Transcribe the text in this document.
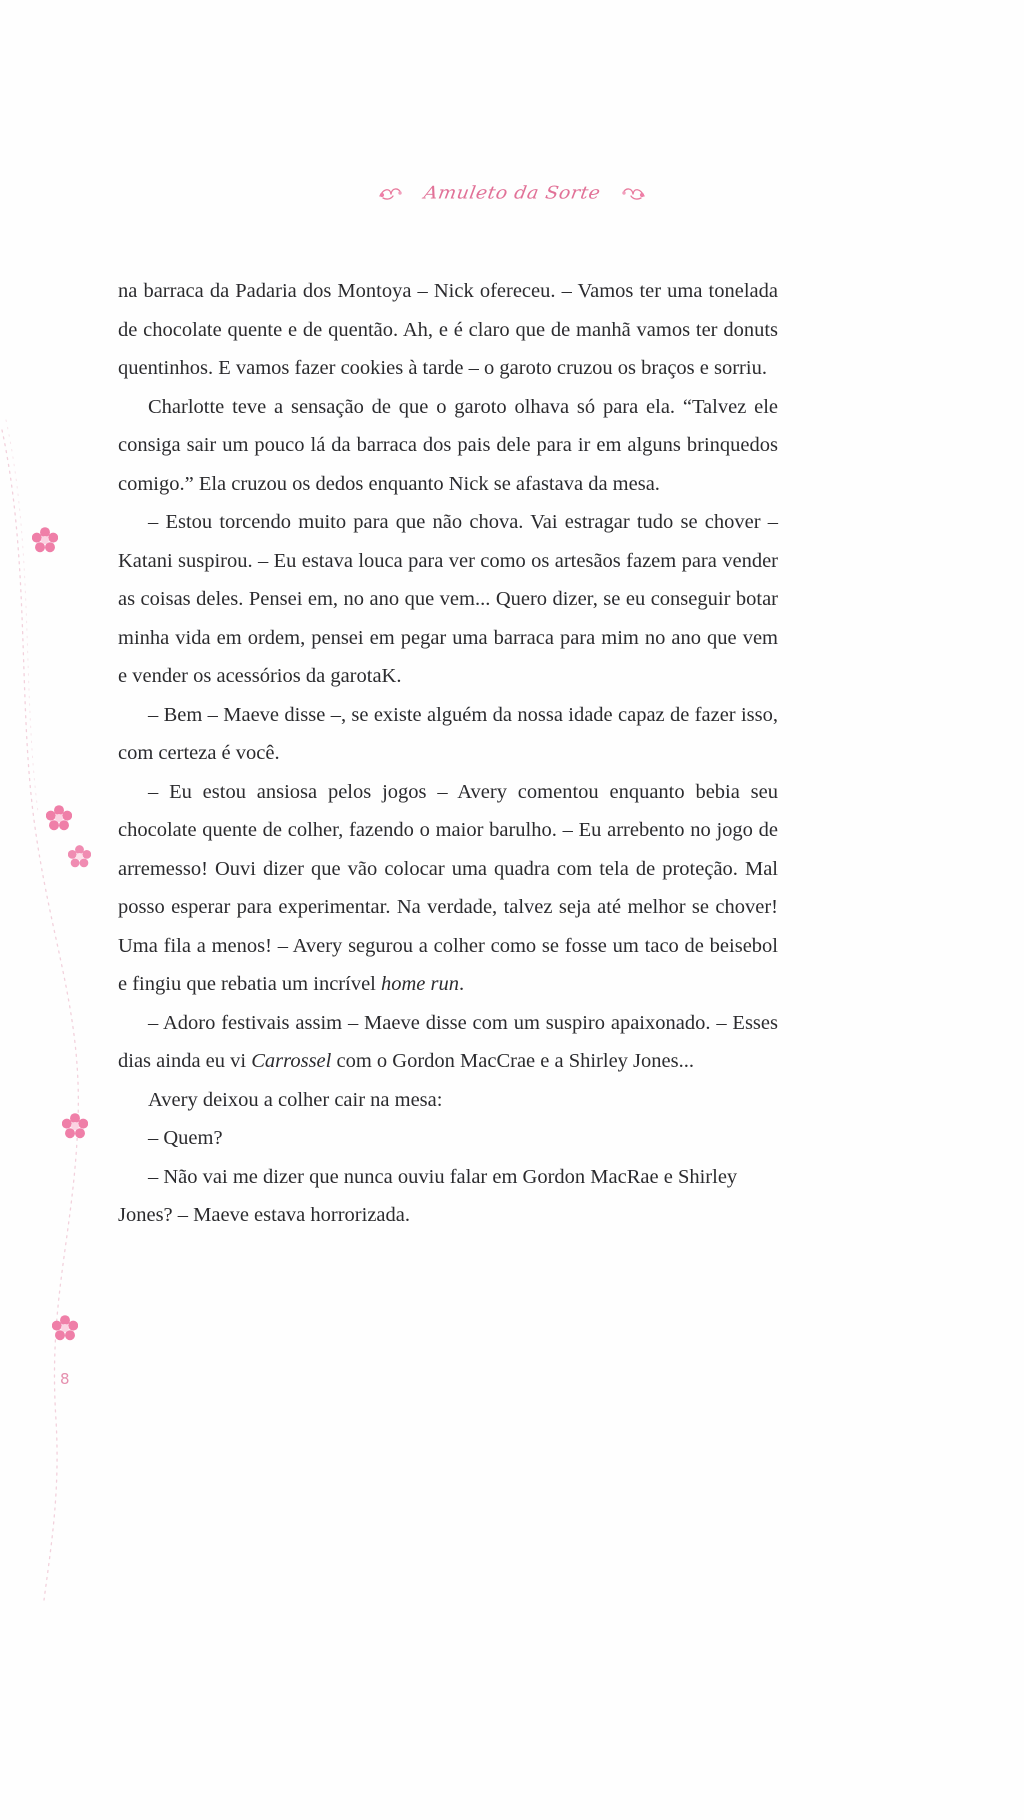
Amuleto da Sorte

na barraca da Padaria dos Montoya – Nick ofereceu. – Vamos ter uma tonelada de chocolate quente e de quentão. Ah, e é claro que de manhã vamos ter donuts quentinhos. E vamos fazer cookies à tarde – o garoto cruzou os braços e sorriu.

Charlotte teve a sensação de que o garoto olhava só para ela. “Talvez ele consiga sair um pouco lá da barraca dos pais dele para ir em alguns brinquedos comigo.” Ela cruzou os dedos enquanto Nick se afastava da mesa.

– Estou torcendo muito para que não chova. Vai estragar tudo se chover – Katani suspirou. – Eu estava louca para ver como os artesãos fazem para vender as coisas deles. Pensei em, no ano que vem... Quero dizer, se eu conseguir botar minha vida em ordem, pensei em pegar uma barraca para mim no ano que vem e vender os acessórios da garotaK.

– Bem – Maeve disse –, se existe alguém da nossa idade capaz de fazer isso, com certeza é você.

– Eu estou ansiosa pelos jogos – Avery comentou enquanto bebia seu chocolate quente de colher, fazendo o maior barulho. – Eu arrebento no jogo de arremesso! Ouvi dizer que vão colocar uma quadra com tela de proteção. Mal posso esperar para experimentar. Na verdade, talvez seja até melhor se chover! Uma fila a menos! – Avery segurou a colher como se fosse um taco de beisebol e fingiu que rebatia um incrível home run.

– Adoro festivais assim – Maeve disse com um suspiro apaixonado. – Esses dias ainda eu vi Carrossel com o Gordon MacCrae e a Shirley Jones...

Avery deixou a colher cair na mesa:

– Quem?

– Não vai me dizer que nunca ouviu falar em Gordon MacRae e Shirley Jones? – Maeve estava horrorizada.

8
